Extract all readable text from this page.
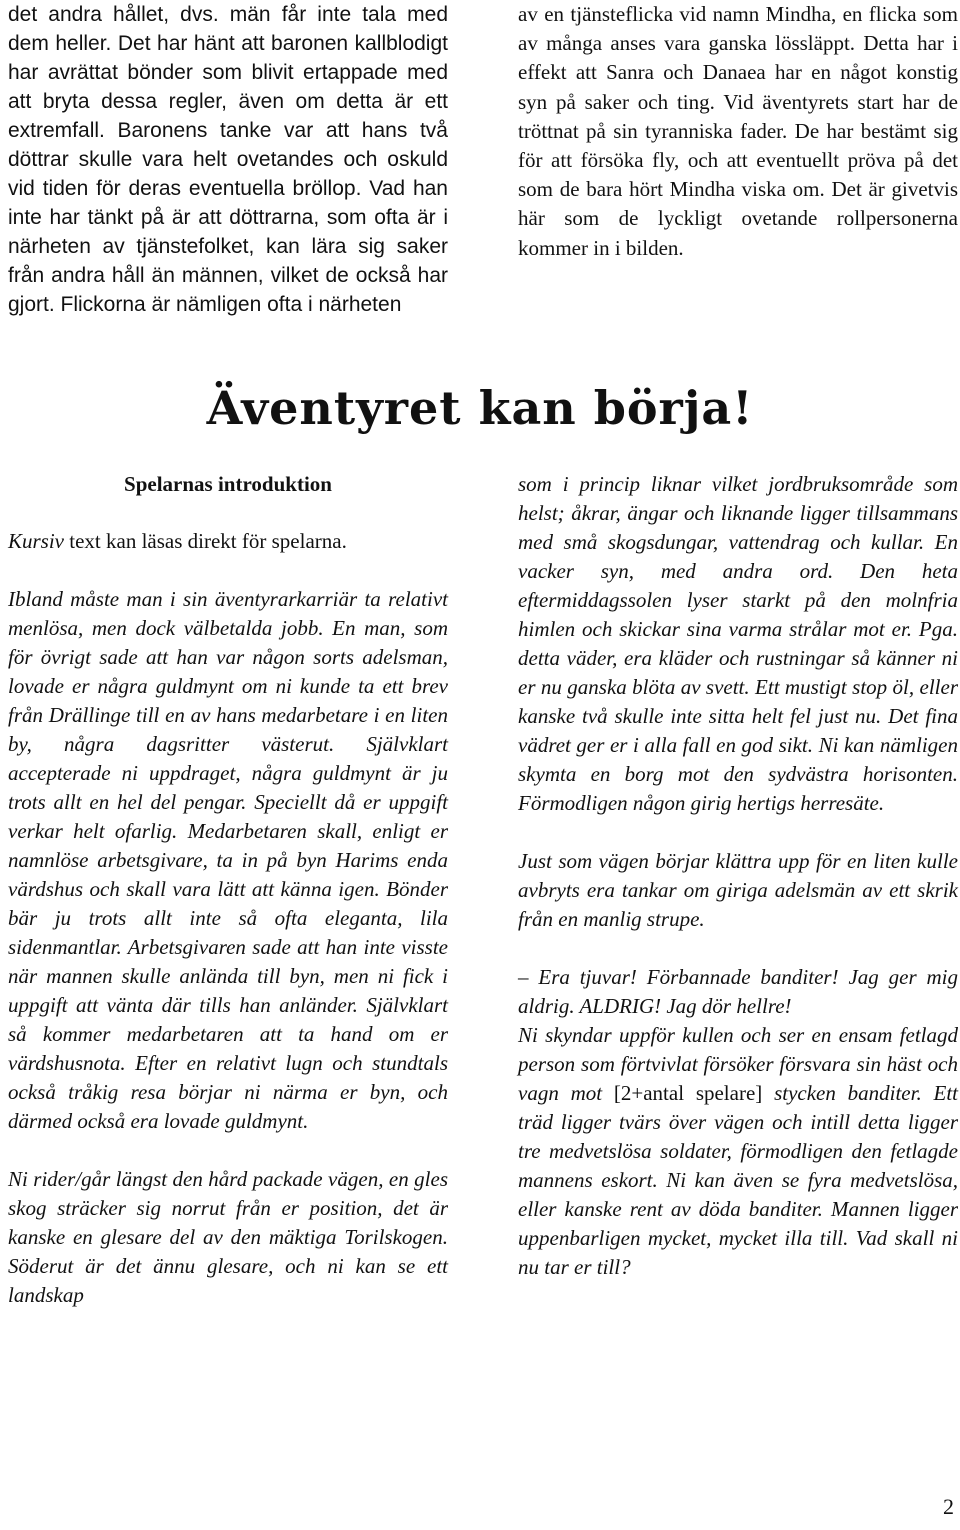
det andra hållet, dvs. män får inte tala med dem heller. Det har hänt att baronen kallblodigt har avrättat bönder som blivit ertappade med att bryta dessa regler, även om detta är ett extremfall. Baronens tanke var att hans två döttrar skulle vara helt ovetandes och oskuld vid tiden för deras eventuella bröllop. Vad han inte har tänkt på är att döttrarna, som ofta är i närheten av tjänstefolket, kan lära sig saker från andra håll än männen, vilket de också har gjort. Flickorna är nämligen ofta i närheten

av en tjänsteflicka vid namn Mindha, en flicka som av många anses vara ganska lössläppt. Detta har i effekt att Sanra och Danaea har en något konstig syn på saker och ting. Vid äventyrets start har de tröttnat på sin tyranniska fader. De har bestämt sig för att försöka fly, och att eventuellt pröva på det som de bara hört Mindha viska om. Det är givetvis här som de lyckligt ovetande rollpersonerna kommer in i bilden.

Äventyret kan börja!
Spelarnas introduktion

Kursiv text kan läsas direkt för spelarna.

Ibland måste man i sin äventyrarkarriär ta relativt menlösa, men dock välbetalda jobb. En man, som för övrigt sade att han var någon sorts adelsman, lovade er några guldmynt om ni kunde ta ett brev från Drällinge till en av hans medarbetare i en liten by, några dagsritter västerut. Självklart accepterade ni uppdraget, några guldmynt är ju trots allt en hel del pengar. Speciellt då er uppgift verkar helt ofarlig. Medarbetaren skall, enligt er namnlöse arbetsgivare, ta in på byn Harims enda värdshus och skall vara lätt att känna igen. Bönder bär ju trots allt inte så ofta eleganta, lila sidenmantlar. Arbetsgivaren sade att han inte visste när mannen skulle anlända till byn, men ni fick i uppgift att vänta där tills han anländer. Självklart så kommer medarbetaren att ta hand om er värdshusnota. Efter en relativt lugn och stundtals också tråkig resa börjar ni närma er byn, och därmed också era lovade guldmynt.

Ni rider/går längst den hård packade vägen, en gles skog sträcker sig norrut från er position, det är kanske en glesare del av den mäktiga Torilskogen. Söderut är det ännu glesare, och ni kan se ett landskap

som i princip liknar vilket jordbruksområde som helst; åkrar, ängar och liknande ligger tillsammans med små skogsdungar, vattendrag och kullar. En vacker syn, med andra ord. Den heta eftermiddagssolen lyser starkt på den molnfria himlen och skickar sina varma strålar mot er. Pga. detta väder, era kläder och rustningar så känner ni er nu ganska blöta av svett. Ett mustigt stop öl, eller kanske två skulle inte sitta helt fel just nu. Det fina vädret ger er i alla fall en god sikt. Ni kan nämligen skymta en borg mot den sydvästra horisonten. Förmodligen någon girig hertigs herresäte.

Just som vägen börjar klättra upp för en liten kulle avbryts era tankar om giriga adelsmän av ett skrik från en manlig strupe.

– Era tjuvar! Förbannade banditer! Jag ger mig aldrig. ALDRIG! Jag dör hellre!

Ni skyndar uppför kullen och ser en ensam fetlagd person som förtvivlat försöker försvara sin häst och vagn mot [2+antal spelare] stycken banditer. Ett träd ligger tvärs över vägen och intill detta ligger tre medvetslösa soldater, förmodligen den fetlagde mannens eskort. Ni kan även se fyra medvetslösa, eller kanske rent av döda banditer. Mannen ligger uppenbarligen mycket, mycket illa till. Vad skall ni nu tar er till?

2
